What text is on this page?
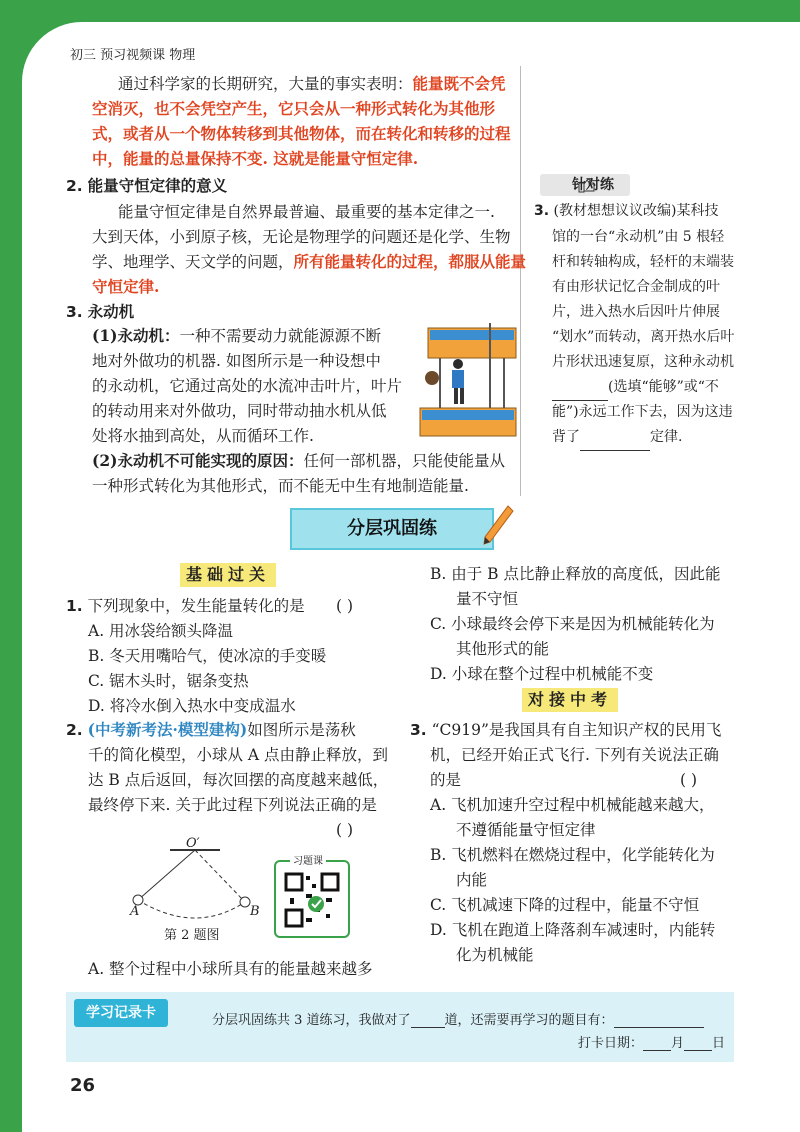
初三 预习视频课 物理
通过科学家的长期研究，大量的事实表明：能量既不会凭
空消灭，也不会凭空产生，它只会从一种形式转化为其他形
式，或者从一个物体转移到其他物体，而在转化和转移的过程
中，能量的总量保持不变. 这就是能量守恒定律.
2. 能量守恒定律的意义
能量守恒定律是自然界最普遍、最重要的基本定律之一.
大到天体，小到原子核，无论是物理学的问题还是化学、生物
学、地理学、天文学的问题，所有能量转化的过程，都服从能量
守恒定律.
3. 永动机
(1)永动机：一种不需要动力就能源源不断
地对外做功的机器. 如图所示是一种设想中
的永动机，它通过高处的水流冲击叶片，叶片
的转动用来对外做功，同时带动抽水机从低
处将水抽到高处，从而循环工作.
(2)永动机不可能实现的原因：任何一部机器，只能使能量从
一种形式转化为其他形式，而不能无中生有地制造能量.
针对练
3. (教材想想议议改编)某科技
馆的一台“永动机”由 5 根轻
杆和转轴构成，轻杆的末端装
有由形状记忆合金制成的叶
片，进入热水后因叶片伸展
“划水”而转动，离开热水后叶
片形状迅速复原，这种永动机
(选填“能够”或“不
能”)永远工作下去，因为这违
背了	定律.
分层巩固练
基础过关
1. 下列现象中，发生能量转化的是 ( )
A. 用冰袋给额头降温
B. 冬天用嘴哈气，使冰凉的手变暖
C. 锯木头时，锯条变热
D. 将冷水倒入热水中变成温水
2. (中考新考法·模型建构)如图所示是荡秋
千的简化模型，小球从 A 点由静止释放，到
达 B 点后返回，每次回摆的高度越来越低，
最终停下来. 关于此过程下列说法正确的是
( )
O′
A	B
第 2 题图
习题课
A. 整个过程中小球所具有的能量越来越多
B. 由于 B 点比静止释放的高度低，因此能
量不守恒
C. 小球最终会停下来是因为机械能转化为
其他形式的能
D. 小球在整个过程中机械能不变
对接中考
3. “C919”是我国具有自主知识产权的民用飞
机，已经开始正式飞行. 下列有关说法正确
的是	( )
A. 飞机加速升空过程中机械能越来越大，
不遵循能量守恒定律
B. 飞机燃料在燃烧过程中，化学能转化为
内能
C. 飞机减速下降的过程中，能量不守恒
D. 飞机在跑道上降落刹车减速时，内能转
化为机械能
学习记录卡	分层巩固练共 3 道练习，我做对了	道，还需要再学习的题目有：
打卡日期： 月 日
26
